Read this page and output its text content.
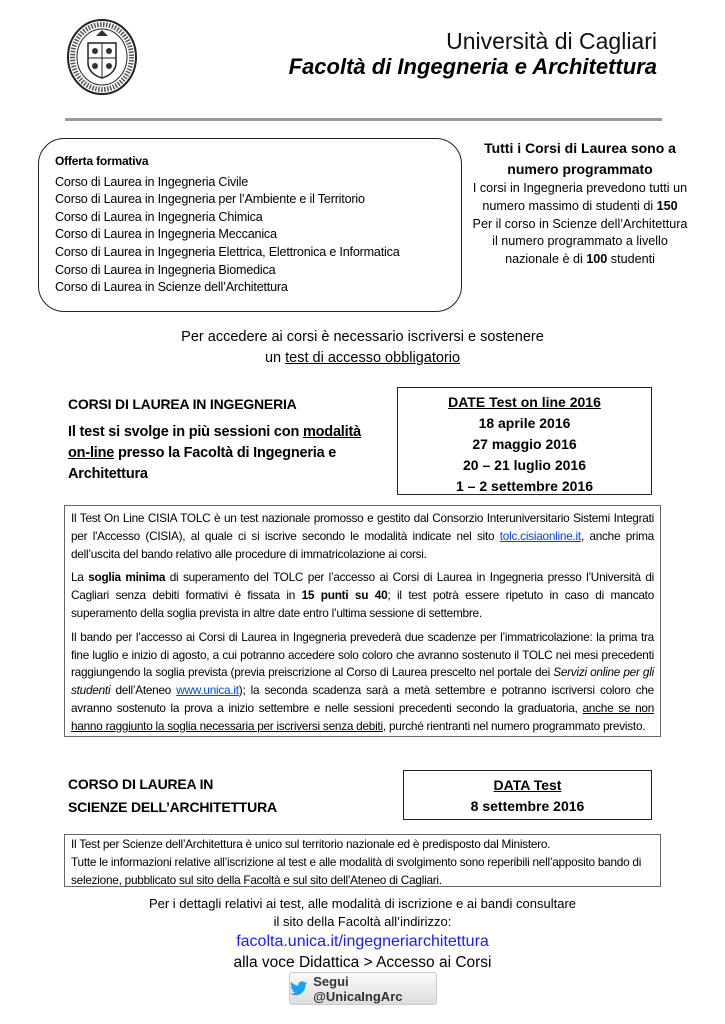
Università di Cagliari
Facoltà di Ingegneria e Architettura
Offerta formativa
Corso di Laurea in Ingegneria Civile
Corso di Laurea in Ingegneria per l’Ambiente e il Territorio
Corso di Laurea in Ingegneria Chimica
Corso di Laurea in Ingegneria Meccanica
Corso di Laurea in Ingegneria Elettrica, Elettronica e Informatica
Corso di Laurea in Ingegneria Biomedica
Corso di Laurea in Scienze dell’Architettura
Tutti i Corsi di Laurea sono a numero programmato
I corsi in Ingegneria prevedono tutti un numero massimo di studenti di 150
Per il corso in Scienze dell’Architettura il numero programmato a livello nazionale è di 100 studenti
Per accedere ai corsi è necessario iscriversi e sostenere
un test di accesso obbligatorio
CORSI DI LAUREA IN INGEGNERIA
Il test si svolge in più sessioni con modalità on-line presso la Facoltà di Ingegneria e Architettura
DATE Test on line 2016
18 aprile 2016
27 maggio 2016
20 – 21 luglio 2016
1 – 2 settembre 2016

Il Test On Line CISIA TOLC è un test nazionale promosso e gestito dal Consorzio Interuniversitario Sistemi Integrati per l'Accesso (CISIA), al quale ci si iscrive secondo le modalità indicate nel sito tolc.cisiaonline.it, anche prima dell’uscita del bando relativo alle procedure di immatricolazione ai corsi.

La soglia minima di superamento del TOLC per l’accesso ai Corsi di Laurea in Ingegneria presso l’Università di Cagliari senza debiti formativi è fissata in 15 punti su 40; il test potrà essere ripetuto in caso di mancato superamento della soglia prevista in altre date entro l’ultima sessione di settembre.

Il bando per l’accesso ai Corsi di Laurea in Ingegneria prevederà due scadenze per l’immatricolazione: la prima tra fine luglio e inizio di agosto, a cui potranno accedere solo coloro che avranno sostenuto il TOLC nei mesi precedenti raggiungendo la soglia prevista (previa preiscrizione al Corso di Laurea prescelto nel portale dei Servizi online per gli studenti dell’Ateneo www.unica.it); la seconda scadenza sarà a metà settembre e potranno iscriversi coloro che avranno sostenuto la prova a inizio settembre e nelle sessioni precedenti secondo la graduatoria, anche se non hanno raggiunto la soglia necessaria per iscriversi senza debiti, purché rientranti nel numero programmato previsto.

CORSO DI LAUREA IN
SCIENZE DELL’ARCHITETTURA
DATA Test
8 settembre 2016
Il Test per Scienze dell’Architettura è unico sul territorio nazionale ed è predisposto dal Ministero.
Tutte le informazioni relative all’iscrizione al test e alle modalità di svolgimento sono reperibili nell’apposito bando di selezione, pubblicato sul sito della Facoltà e sul sito dell’Ateneo di Cagliari.
Per i dettagli relativi ai test, alle modalità di iscrizione e ai bandi consultare
il sito della Facoltà all’indirizzo:
facolta.unica.it/ingegneriarchitettura
alla voce Didattica > Accesso ai Corsi
Segui @UnicaIngArc
